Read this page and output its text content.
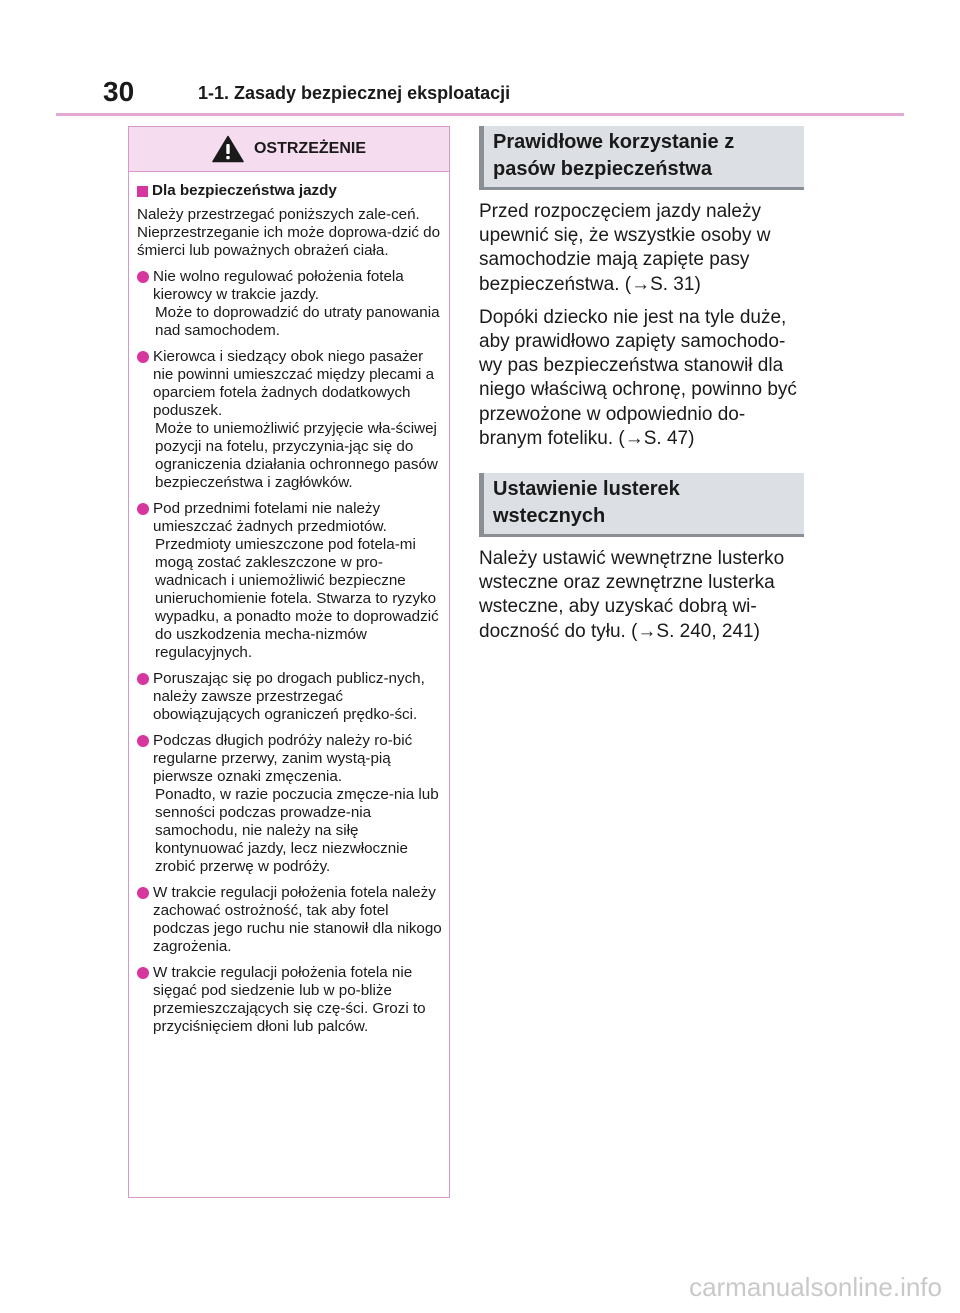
30	1-1. Zasady bezpiecznej eksploatacji
OSTRZEŻENIE
Dla bezpieczeństwa jazdy

Należy przestrzegać poniższych zale-ceń.

Nieprzestrzeganie ich może doprowa-dzić do śmierci lub poważnych obrażeń ciała.

Nie wolno regulować położenia fotela kierowcy w trakcie jazdy.
Może to doprowadzić do utraty panowania nad samochodem.
Kierowca i siedzący obok niego pasażer nie powinni umieszczać między plecami a oparciem fotela żadnych dodatkowych poduszek.
Może to uniemożliwić przyjęcie wła-ściwej pozycji na fotelu, przyczynia-jąc się do ograniczenia działania ochronnego pasów bezpieczeństwa i zagłówków.
Pod przednimi fotelami nie należy umieszczać żadnych przedmiotów.
Przedmioty umieszczone pod fotela-mi mogą zostać zakleszczone w pro-wadnicach i uniemożliwić bezpieczne unieruchomienie fotela. Stwarza to ryzyko wypadku, a ponadto może to doprowadzić do uszkodzenia mecha-nizmów regulacyjnych.
Poruszając się po drogach publicz-nych, należy zawsze przestrzegać obowiązujących ograniczeń prędko-ści.
Podczas długich podróży należy ro-bić regularne przerwy, zanim wystą-pią pierwsze oznaki zmęczenia.
Ponadto, w razie poczucia zmęcze-nia lub senności podczas prowadze-nia samochodu, nie należy na siłę kontynuować jazdy, lecz niezwłocznie zrobić przerwę w podróży.
W trakcie regulacji położenia fotela należy zachować ostrożność, tak aby fotel podczas jego ruchu nie stanowił dla nikogo zagrożenia.
W trakcie regulacji położenia fotela nie sięgać pod siedzenie lub w po-bliże przemieszczających się czę-ści. Grozi to przyciśnięciem dłoni lub palców.
Prawidłowe korzystanie z pasów bezpieczeństwa

Przed rozpoczęciem jazdy należy upewnić się, że wszystkie osoby w samochodzie mają zapięte pasy bezpieczeństwa. (→S. 31)

Dopóki dziecko nie jest na tyle duże, aby prawidłowo zapięty samochodo-wy pas bezpieczeństwa stanowił dla niego właściwą ochronę, powinno być przewożone w odpowiednio do-branym foteliku. (→S. 47)

Ustawienie lusterek wstecznych

Należy ustawić wewnętrzne lusterko wsteczne oraz zewnętrzne lusterka wsteczne, aby uzyskać dobrą wi-doczność do tyłu. (→S. 240, 241)

carmanualsonline.info
